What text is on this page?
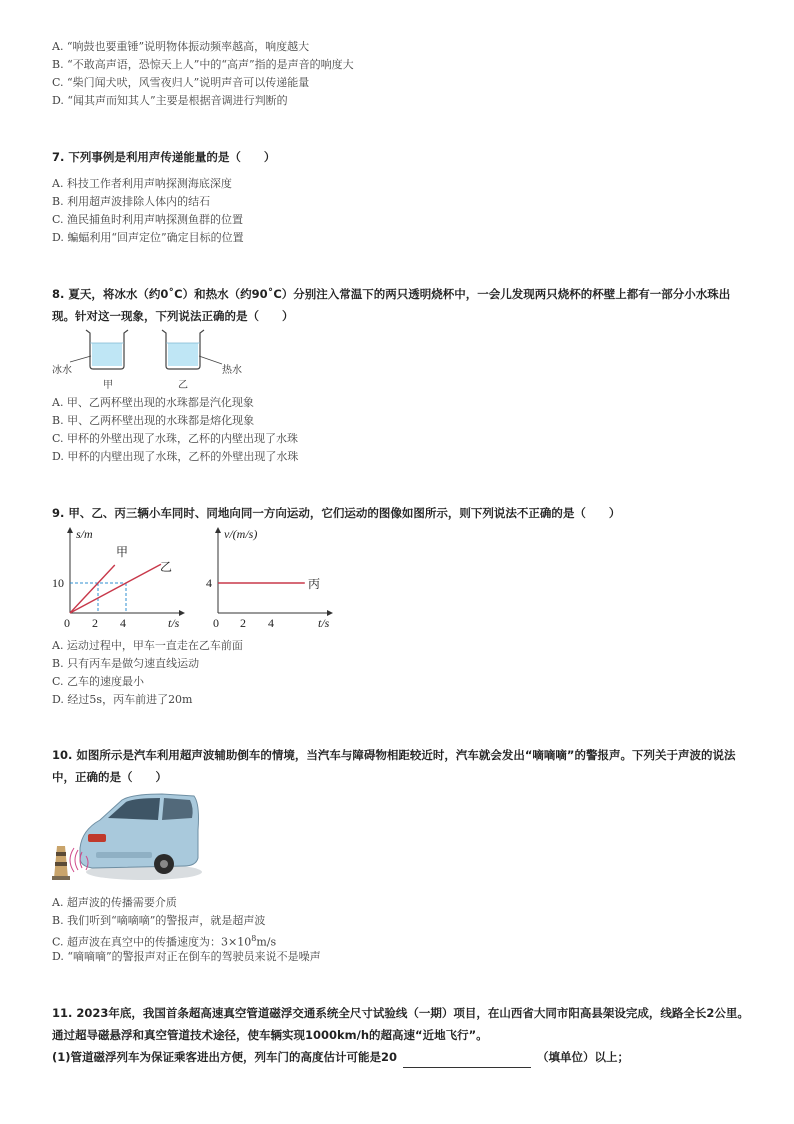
A. “响鼓也要重锤”说明物体振动频率越高，响度越大
B. “不敢高声语，恐惊天上人”中的“高声”指的是声音的响度大
C. “柴门闻犬吠，风雪夜归人”说明声音可以传递能量
D. “闻其声而知其人”主要是根据音调进行判断的
7. 下列事例是利用声传递能量的是（　　）
A. 科技工作者利用声呐探测海底深度
B. 利用超声波排除人体内的结石
C. 渔民捕鱼时利用声呐探测鱼群的位置
D. 蝙蝠利用“回声定位”确定目标的位置
8. 夏天，将冰水（约0˚C）和热水（约90˚C）分别注入常温下的两只透明烧杯中，一会儿发现两只烧杯的杯壁上都有一部分小水珠出现。针对这一现象，下列说法正确的是（　　）
冰水
甲
热水
乙
A. 甲、乙两杯壁出现的水珠都是汽化现象
B. 甲、乙两杯壁出现的水珠都是熔化现象
C. 甲杯的外壁出现了水珠，乙杯的内壁出现了水珠
D. 甲杯的内壁出现了水珠，乙杯的外壁出现了水珠
9. 甲、乙、丙三辆小车同时、同地向同一方向运动，它们运动的图像如图所示，则下列说法不正确的是（　　）
s/m
10
0 2 4	t/s
甲
乙
v/(m/s)
4
0 2 4	t/s
丙
A. 运动过程中，甲车一直走在乙车前面
B. 只有丙车是做匀速直线运动
C. 乙车的速度最小
D. 经过5s，丙车前进了20m
10. 如图所示是汽车利用超声波辅助倒车的情境，当汽车与障碍物相距较近时，汽车就会发出“嘀嘀嘀”的警报声。下列关于声波的说法中，正确的是（　　）
A. 超声波的传播需要介质
B. 我们听到“嘀嘀嘀”的警报声，就是超声波
C. 超声波在真空中的传播速度为：$3\times 10^8m/s$
D. “嘀嘀嘀”的警报声对正在倒车的驾驶员来说不是噪声
11. 2023年底，我国首条超高速真空管道磁浮交通系统全尺寸试验线（一期）项目，在山西省大同市阳高县架设完成，线路全长2公里。通过超导磁悬浮和真空管道技术途径，使车辆实现1000km/h的超高速“近地飞行”。
(1)管道磁浮列车为保证乘客进出方便，列车门的高度估计可能是20	（填单位）以上；
